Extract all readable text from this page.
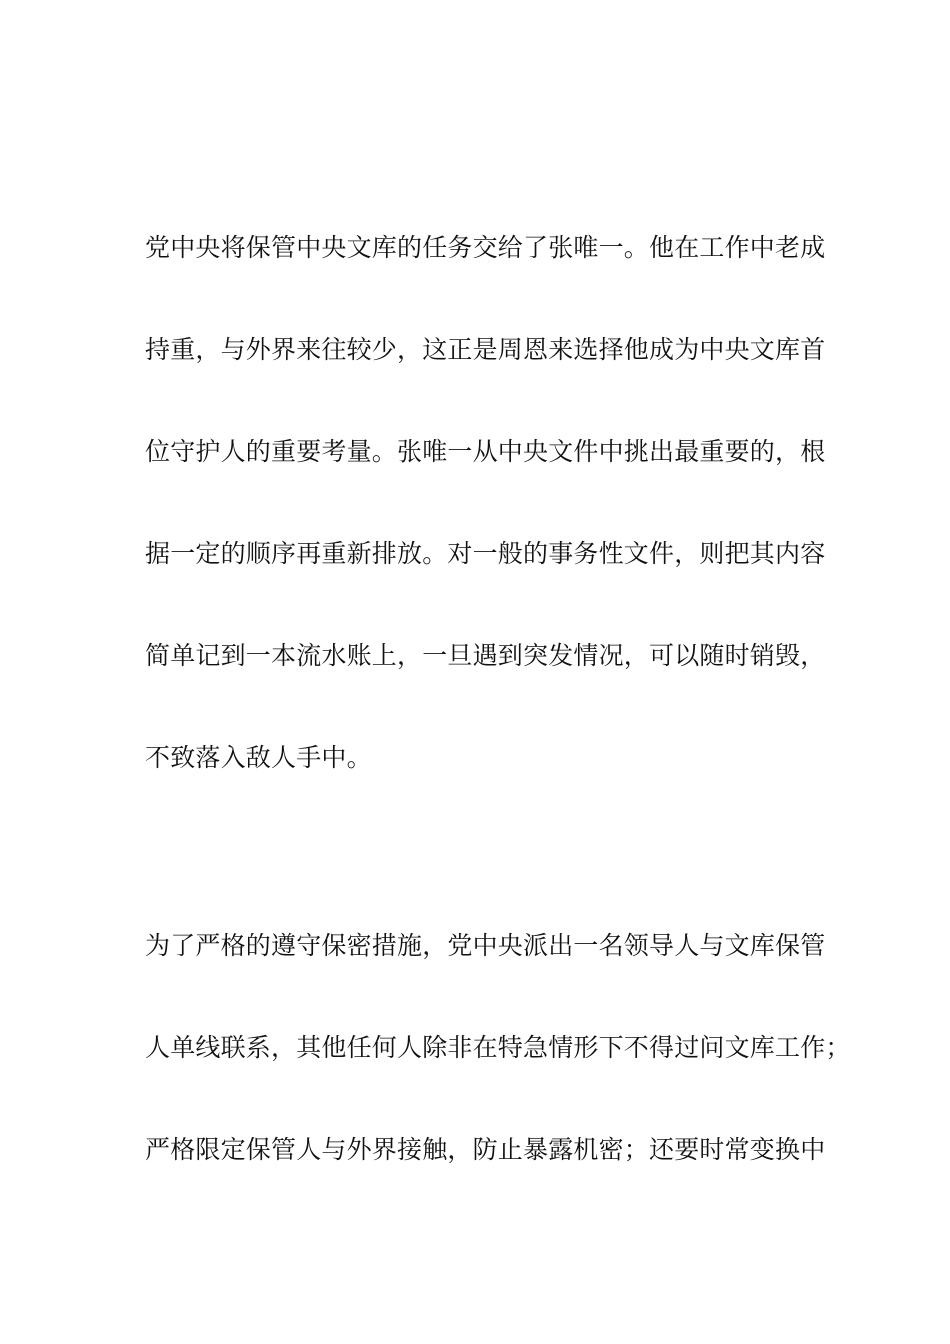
党中央将保管中央文库的任务交给了张唯一。他在工作中老成
持重，与外界来往较少，这正是周恩来选择他成为中央文库首
位守护人的重要考量。张唯一从中央文件中挑出最重要的，根
据一定的顺序再重新排放。对一般的事务性文件，则把其内容
简单记到一本流水账上，一旦遇到突发情况，可以随时销毁，
不致落入敌人手中。
为了严格的遵守保密措施，党中央派出一名领导人与文库保管
人单线联系，其他任何人除非在特急情形下不得过问文库工作；
严格限定保管人与外界接触，防止暴露机密；还要时常变换中
